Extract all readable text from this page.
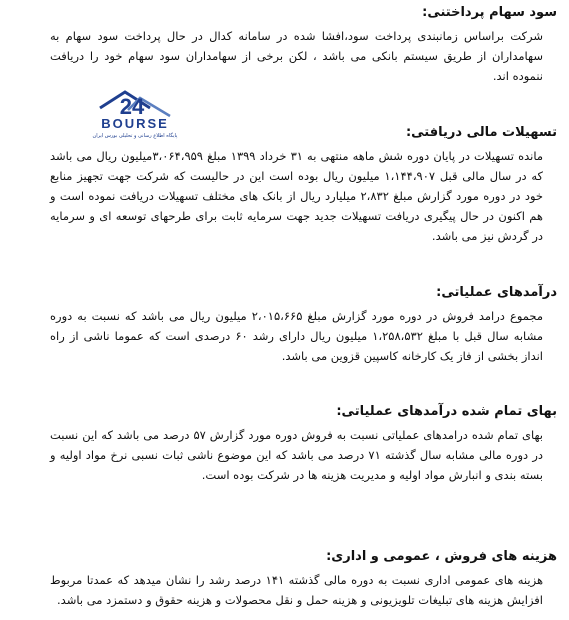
سود سهام پرداختنی:

شرکت براساس زمانبندی پرداخت سود،افشا شده در سامانه کدال در حال پرداخت سود سهام به سهامداران از طریق سیستم بانکی می باشد ، لکن برخی از سهامداران سود سهام خود را دریافت ننموده اند.

24
BOURSE
پایگاه اطلاع رسانی و تحلیلی بورس ایران	تسهیلات مالی دریافتی:

مانده تسهیلات در پایان دوره شش ماهه منتهی به ۳۱ خرداد ۱۳۹۹ مبلغ ۳،۰۶۴،۹۵۹میلیون ریال می باشد که در سال مالی قبل ۱،۱۴۴،۹۰۷ میلیون ریال بوده است این در حالیست که شرکت جهت تجهیز منابع خود در دوره مورد گزارش مبلغ ۲،۸۳۲ میلیارد ریال از بانک های مختلف تسهیلات دریافت نموده است و هم اکنون در حال پیگیری دریافت تسهیلات جدید جهت سرمایه ثابت برای طرحهای توسعه ای و سرمایه در گردش نیز می باشد.

درآمدهای عملیاتی:

مجموع درامد فروش در دوره مورد گزارش مبلغ ۲،۰۱۵،۶۶۵ میلیون ریال می باشد که نسبت به دوره مشابه سال قبل با مبلغ ۱،۲۵۸،۵۳۲ میلیون ریال دارای رشد ۶۰ درصدی است که عموما ناشی از راه انداز بخشی از فاز یک کارخانه کاسپین قزوین می باشد.

بهای تمام شده درآمدهای عملیاتی:

بهای تمام شده درامدهای عملیاتی نسبت به فروش دوره مورد گزارش ۵۷ درصد می باشد که این نسبت در دوره مالی مشابه سال گذشته ۷۱ درصد می باشد که این موضوع ناشی ثبات نسبی نرخ مواد اولیه و بسته بندی و انبارش مواد اولیه و مدیریت هزینه ها در شرکت بوده است.

هزینه های فروش ، عمومی و اداری:

هزینه های عمومی اداری نسبت به دوره مالی گذشته ۱۴۱ درصد رشد را نشان میدهد که عمدتا مربوط افزایش هزینه های تبلیغات تلویزیونی و هزینه حمل و نقل محصولات و هزینه حقوق و دستمزد می باشد.
